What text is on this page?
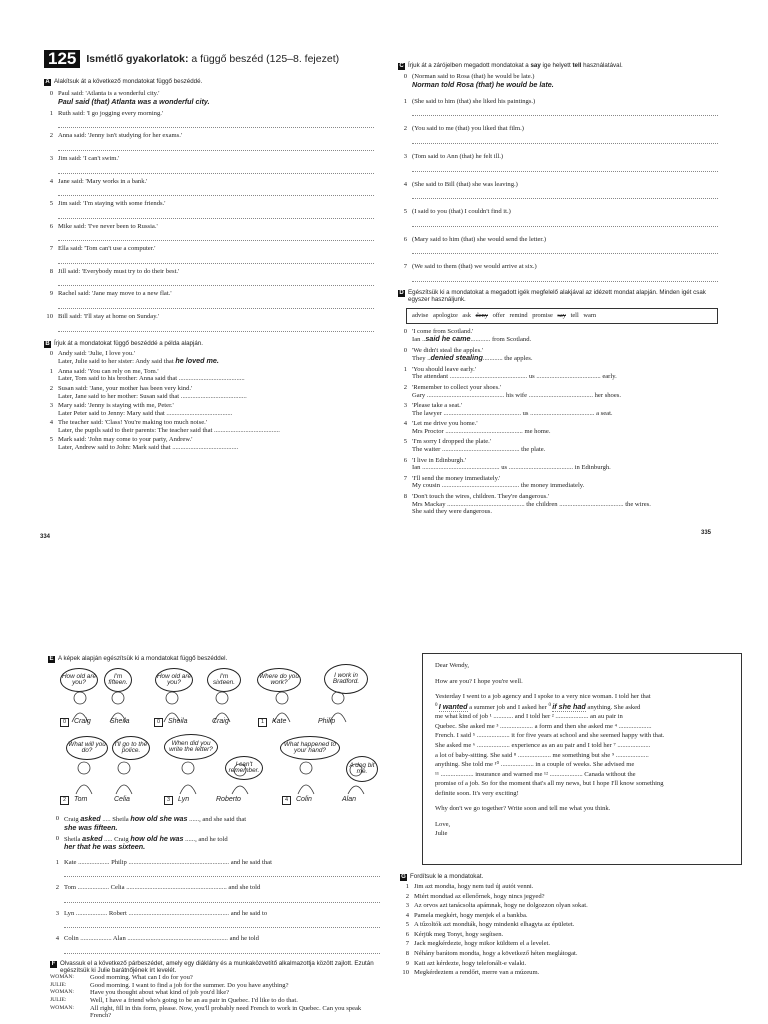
125 Ismétlő gyakorlatok: a függő beszéd (125–8. fejezet)
A Alakítsuk át a következő mondatokat függő beszéddé.
0 Paul said: 'Atlanta is a wonderful city.'
Paul said (that) Atlanta was a wonderful city.
1 Ruth said: 'I go jogging every morning.'
2 Anna said: 'Jenny isn't studying for her exams.'
3 Jim said: 'I can't swim.'
4 Jane said: 'Mary works in a bank.'
5 Jim said: 'I'm staying with some friends.'
6 Mike said: 'I've never been to Russia.'
7 Ella said: 'Tom can't use a computer.'
8 Jill said: 'Everybody must try to do their best.'
9 Rachel said: 'Jane may move to a new flat.'
10 Bill said: 'I'll stay at home on Sunday.'
B Írjuk át a mondatokat függő beszéddé a példa alapján.
0 Andy said: 'Julie, I love you.'
Later, Julie said to her sister: Andy said that he loved me.
1 Anna said: 'You can rely on me, Tom.'
Later, Tom said to his brother: Anna said that ........................................
2 Susan said: 'Jane, your mother has been very kind.'
Later, Jane said to her mother: Susan said that ........................................
3 Mary said: 'Jenny is staying with me, Peter.'
Later Peter said to Jenny: Mary said that ........................................
4 The teacher said: 'Class! You're making too much noise.'
Later, the pupils said to their parents: The teacher said that ........................................
5 Mark said: 'John may come to your party, Andrew.'
Later, Andrew said to John: Mark said that ........................................
334
C Írjuk át a zárójelben megadott mondatokat a say ige helyett tell használatával.
0 (Norman said to Rosa (that) he would be late.)
Norman told Rosa (that) he would be late.
1 (She said to him (that) she liked his paintings.)
2 (You said to me (that) you liked that film.)
3 (Tom said to Ann (that) he felt ill.)
4 (She said to Bill (that) she was leaving.)
5 (I said to you (that) I couldn't find it.)
6 (Mary said to him (that) she would send the letter.)
7 (We said to them (that) we would arrive at six.)
D Egészítsük ki a mondatokat a megadott igék megfelelő alakjával az idézett mondat alapján. Minden igét csak egyszer használjunk.
advise apologize ask deny offer remind promise say tell warn
0 'I come from Scotland.'
Ian ..said he came............ from Scotland.
0 'We didn't steal the apples.'
They ..denied stealing............ the apples.
1 'You should leave early.'
The attendant ............................................... us ....................................... early.
2 'Remember to collect your shoes.'
Gary ............................................... his wife ....................................... her shoes.
3 'Please take a seat.'
The lawyer ............................................... us ....................................... a seat.
4 'Let me drive you home.'
Mrs Proctor ............................................... me home.
5 'I'm sorry I dropped the plate.'
The waiter ............................................... the plate.
6 'I live in Edinburgh.'
Ian ............................................... us ....................................... in Edinburgh.
7 'I'll send the money immediately.'
My cousin ............................................... the money immediately.
8 'Don't touch the wires, children. They're dangerous.'
Mrs Mackay ............................................... the children ....................................... the wires.
She said they were dangerous.
335
E A képek alapján egészítsük ki a mondatokat függő beszéddel.
How old are you?
I'm fifteen.
How old are you?
I'm sixteen.
Where do you work?
I work in Bradford.
0	Craig	Sheila	0	Sheila	Craig	1	Kate	Philip
What will you do?
I'll go to the police.
When did you write the letter?
I can't remember.
What happened to your hand?
A dog bit me.
2	Tom	Celia	3	Lyn	Roberto	4	Colin	Alan
0 Craig asked ..... Sheila how old she was ......, and she said that
she was fifteen.
0 Sheila asked ..... Craig how old he was ......, and he told
her that he was sixteen.
1 Kate ................... Philip ............................................................. and he said that
2 Tom ................... Celia ............................................................. and she told
3 Lyn ................... Robert ............................................................. and he said to
4 Colin ................... Alan ............................................................. and he told
F Olvassuk el a következő párbeszédet, amely egy diáklány és a munkaközvetítő alkalmazottja között zajlott. Ezután egészítsük ki Julie barátnőjének írt levelét.
WOMAN:	Good morning. What can I do for you?
JULIE:	Good morning. I want to find a job for the summer. Do you have anything?
WOMAN:	Have you thought about what kind of job you'd like?
JULIE:	Well, I have a friend who's going to be an au pair in Quebec. I'd like to do that.
WOMAN:	All right, fill in this form, please. Now, you'll probably need French to work in Quebec. Can you speak French?
Dear Wendy,
How are you? I hope you're well.
Yesterday I went to a job agency and I spoke to a very nice woman. I told her that
$^0$ I wanted a summer job and I asked her $^0$ if she had anything. She asked
me what kind of job ¹ ............ and I told her ² .................... an au pair in
Quebec. She asked me ³ .................... a form and then she asked me ⁴ ....................
French. I said ⁵ .................... it for five years at school and she seemed happy with that.
She asked me ⁶ .................... experience as an au pair and I told her ⁷ ....................
a lot of baby-sitting. She said ⁸ .................... me something but she ⁹ ....................
anything. She told me ¹⁰ .................... in a couple of weeks. She advised me
¹¹ .................... insurance and warned me ¹² .................... Canada without the
promise of a job. So for the moment that's all my news, but I hope I'll know something
definite soon. It's very exciting!

Why don't we go together? Write soon and tell me what you think.
Love,
Julie
G Fordítsuk le a mondatokat.
1 Jim azt mondta, hogy nem tud új autót venni.
2 Miért mondtad az ellenőrnek, hogy nincs jegyed?
3 Az orvos azt tanácsolta apámnak, hogy ne dolgozzon olyan sokat.
4 Pamela megkért, hogy menjek el a bankba.
5 A tűzoltók azt mondták, hogy mindenki elhagyta az épületet.
6 Kérjük meg Tonyt, hogy segítsen.
7 Jack megkérdezte, hogy mikor küldtem el a levelet.
8 Néhány barátom mondta, hogy a következő héten meglátogat.
9 Kati azt kérdezte, hogy telefonált-e valaki.
10 Megkérdeztem a rendőrt, merre van a múzeum.
